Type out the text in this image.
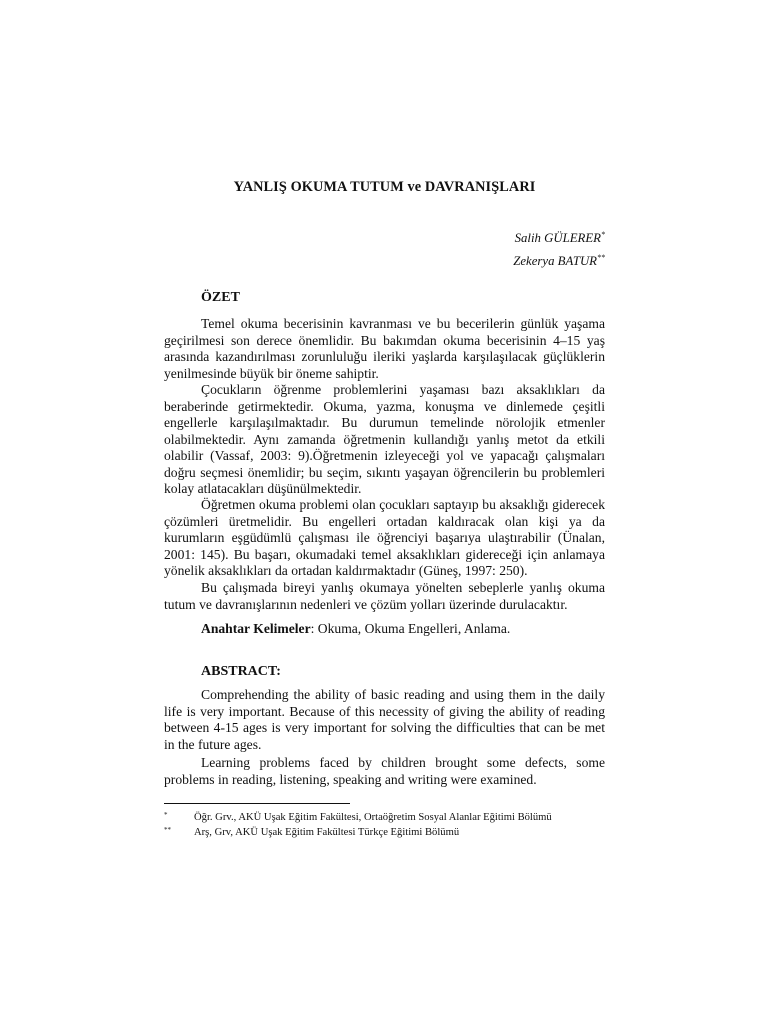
YANLIŞ OKUMA TUTUM ve DAVRANIŞLARI
Salih GÜLERER*
Zekerya BATUR**
ÖZET
Temel okuma becerisinin kavranması ve bu becerilerin günlük yaşama geçirilmesi son derece önemlidir. Bu bakımdan okuma becerisinin 4–15 yaş arasında kazandırılması zorunluluğu ileriki yaşlarda karşılaşılacak güçlüklerin yenilmesinde büyük bir öneme sahiptir.
Çocukların öğrenme problemlerini yaşaması bazı aksaklıkları da beraberinde getirmektedir. Okuma, yazma, konuşma ve dinlemede çeşitli engellerle karşılaşılmaktadır. Bu durumun temelinde nörolojik etmenler olabilmektedir. Aynı zamanda öğretmenin kullandığı yanlış metot da etkili olabilir (Vassaf, 2003: 9).Öğretmenin izleyeceği yol ve yapacağı çalışmaları doğru seçmesi önemlidir; bu seçim, sıkıntı yaşayan öğrencilerin bu problemleri kolay atlatacakları düşünülmektedir.
Öğretmen okuma problemi olan çocukları saptayıp bu aksaklığı giderecek çözümleri üretmelidir. Bu engelleri ortadan kaldıracak olan kişi ya da kurumların eşgüdümlü çalışması ile öğrenciyi başarıya ulaştırabilir (Ünalan, 2001: 145). Bu başarı, okumadaki temel aksaklıkları gidereceği için anlamaya yönelik aksaklıkları da ortadan kaldırmaktadır (Güneş, 1997: 250).
Bu çalışmada bireyi yanlış okumaya yönelten sebeplerle yanlış okuma tutum ve davranışlarının nedenleri ve çözüm yolları üzerinde durulacaktır.
Anahtar Kelimeler: Okuma, Okuma Engelleri, Anlama.
ABSTRACT:
Comprehending the ability of basic reading and using them in the daily life is very important. Because of this necessity of giving the ability of reading between 4-15 ages is very important for solving the difficulties that can be met in the future ages.
Learning problems faced by children brought some defects, some problems in reading, listening, speaking and writing were examined.
*	Öğr. Grv., AKÜ Uşak Eğitim Fakültesi, Ortaöğretim Sosyal Alanlar Eğitimi Bölümü
** Arş, Grv, AKÜ Uşak Eğitim Fakültesi Türkçe Eğitimi Bölümü
